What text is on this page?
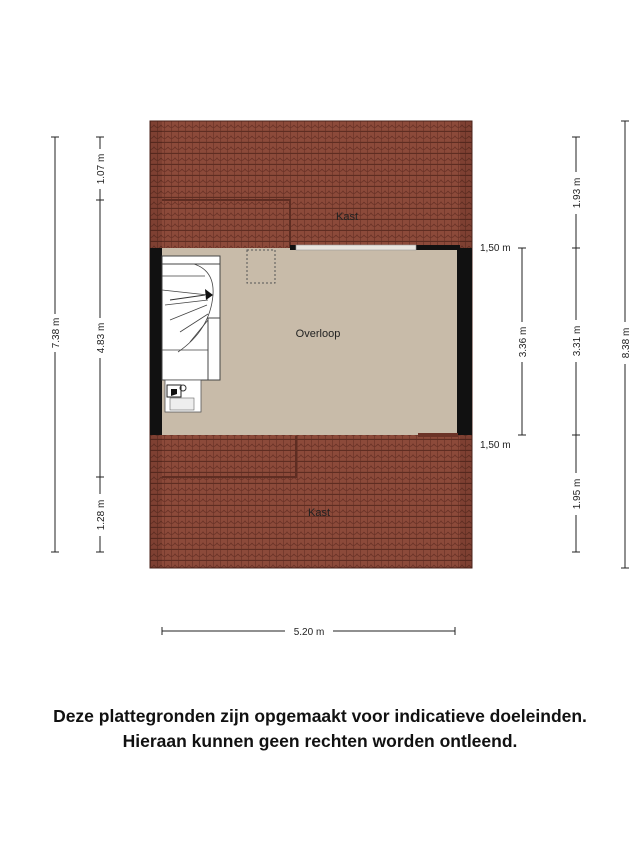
Kast
Overloop
Kast
7.38 m
1.07 m
4.83 m
1.28 m
3.36 m
1,50 m
1,50 m
1.93 m
3.31 m
1.95 m
8.38 m
5.20 m
Deze plattegronden zijn opgemaakt voor indicatieve doeleinden.
Hieraan kunnen geen rechten worden ontleend.
